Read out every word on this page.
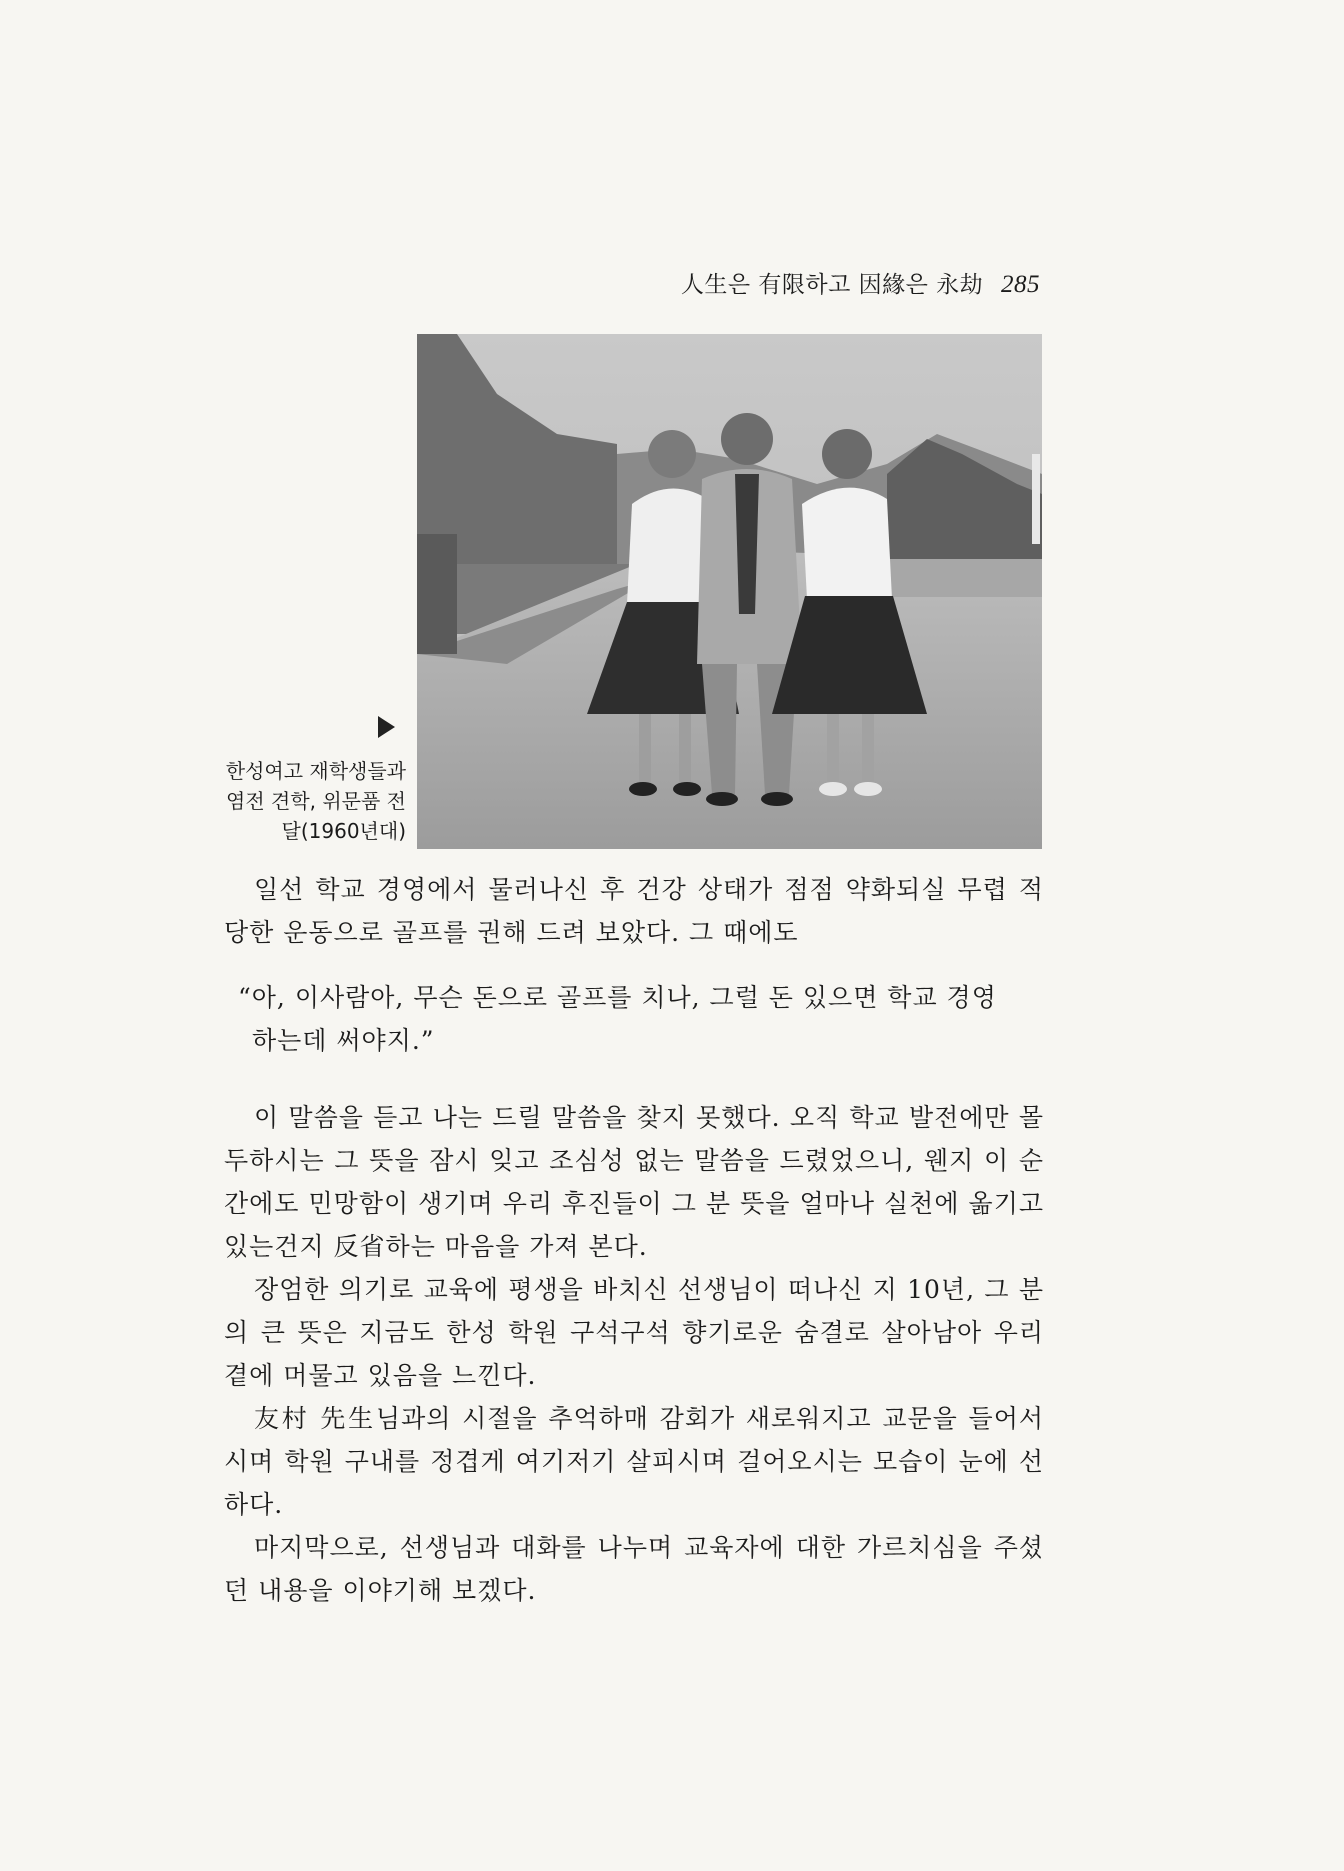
人生은 有限하고 因緣은 永劫 285
한성여고 재학생들과
염전 견학, 위문품 전
달(1960년대)

일선 학교 경영에서 물러나신 후 건강 상태가 점점 약화되실 무렵 적당한 운동으로 골프를 권해 드려 보았다. 그 때에도

“아, 이사람아, 무슨 돈으로 골프를 치나, 그럴 돈 있으면 학교 경영
하는데 써야지.”

이 말씀을 듣고 나는 드릴 말씀을 찾지 못했다. 오직 학교 발전에만 몰두하시는 그 뜻을 잠시 잊고 조심성 없는 말씀을 드렸었으니, 웬지 이 순간에도 민망함이 생기며 우리 후진들이 그 분 뜻을 얼마나 실천에 옮기고 있는건지 反省하는 마음을 가져 본다.

장엄한 의기로 교육에 평생을 바치신 선생님이 떠나신 지 10년, 그 분의 큰 뜻은 지금도 한성 학원 구석구석 향기로운 숨결로 살아남아 우리 곁에 머물고 있음을 느낀다.

友村 先生님과의 시절을 추억하매 감회가 새로워지고 교문을 들어서시며 학원 구내를 정겹게 여기저기 살피시며 걸어오시는 모습이 눈에 선하다.

마지막으로, 선생님과 대화를 나누며 교육자에 대한 가르치심을 주셨던 내용을 이야기해 보겠다.
